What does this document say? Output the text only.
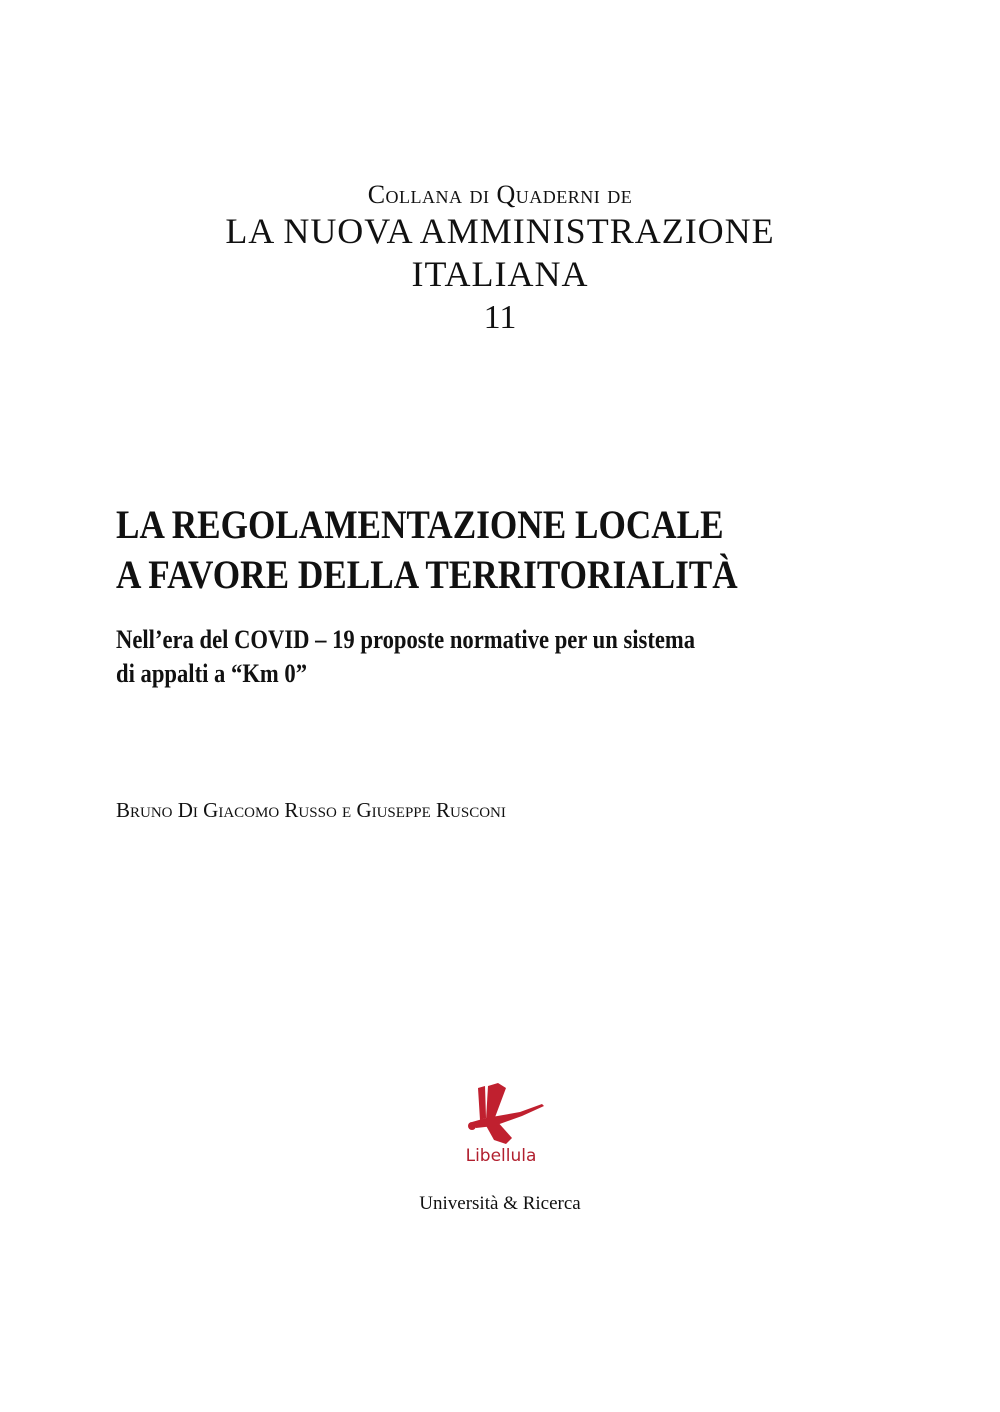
Collana di Quaderni de

LA NUOVA AMMINISTRAZIONE
ITALIANA

11

LA REGOLAMENTAZIONE LOCALE
A FAVORE DELLA TERRITORIALITÀ

Nell’era del COVID – 19 proposte normative per un sistema
di appalti a “Km 0”

Bruno Di Giacomo Russo e Giuseppe Rusconi

Libellula
Università & Ricerca
